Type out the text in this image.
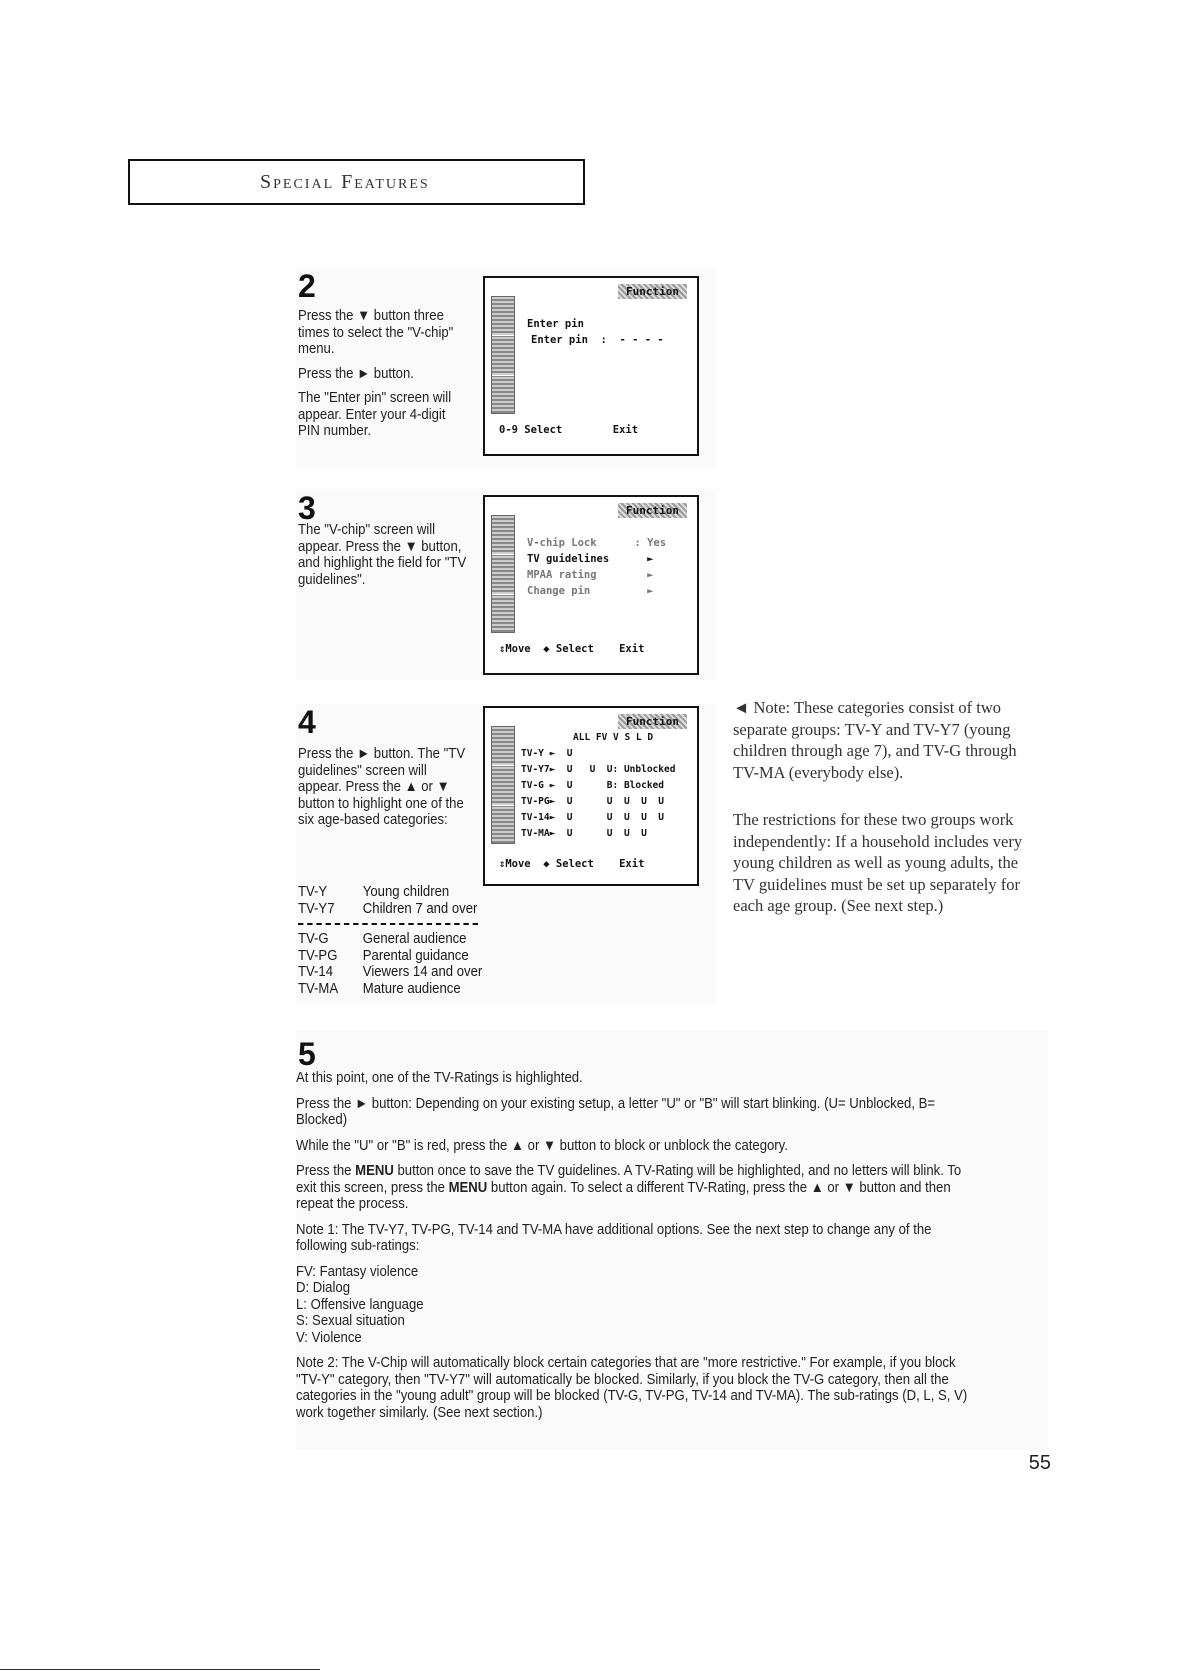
Special Features
2

Press the ▼ button three times to select the "V-chip" menu.

Press the ► button.

The "Enter pin" screen will appear. Enter your 4-digit PIN number.

Function
Enter pin
Enter pin  :  - - - -
0-9 Select        Exit
3

The "V-chip" screen will appear. Press the ▼ button, and highlight the field for "TV guidelines".

Function
V-chip Lock      : Yes
TV guidelines      ►
MPAA rating        ►
Change pin         ►
⇕Move  ◆ Select    Exit
4

Press the ► button. The "TV guidelines" screen will appear. Press the ▲ or ▼ button to highlight one of the six age-based categories:

Function
ALL FV V S L D
TV-Y ►  U
TV-Y7►  U   U  U: Unblocked
TV-G ►  U      B: Blocked
TV-PG►  U      U  U  U  U
TV-14►  U      U  U  U  U
TV-MA►  U      U  U  U
⇕Move  ◆ Select    Exit
TV-Y	Young children
TV-Y7	Children 7 and over
TV-G	General audience
TV-PG	Parental guidance
TV-14	Viewers 14 and over
TV-MA	Mature audience

◄ Note: These categories consist of two separate groups: TV-Y and TV-Y7 (young children through age 7), and TV-G through TV-MA (everybody else).

The restrictions for these two groups work independently: If a household includes very young children as well as young adults, the TV guidelines must be set up separately for each age group. (See next step.)

5

At this point, one of the TV-Ratings is highlighted.

Press the ► button: Depending on your existing setup, a letter "U" or "B" will start blinking. (U= Unblocked, B= Blocked)

While the "U" or "B" is red, press the ▲ or ▼ button to block or unblock the category.

Press the MENU button once to save the TV guidelines. A TV-Rating will be highlighted, and no letters will blink. To exit this screen, press the MENU button again. To select a different TV-Rating, press the ▲ or ▼ button and then repeat the process.

Note 1: The TV-Y7, TV-PG, TV-14 and TV-MA have additional options. See the next step to change any of the following sub-ratings:

FV: Fantasy violence
D: Dialog
L: Offensive language
S: Sexual situation
V: Violence

Note 2: The V-Chip will automatically block certain categories that are "more restrictive." For example, if you block "TV-Y" category, then "TV-Y7" will automatically be blocked. Similarly, if you block the TV-G category, then all the categories in the "young adult" group will be blocked (TV-G, TV-PG, TV-14 and TV-MA). The sub-ratings (D, L, S, V) work together similarly. (See next section.)

55
